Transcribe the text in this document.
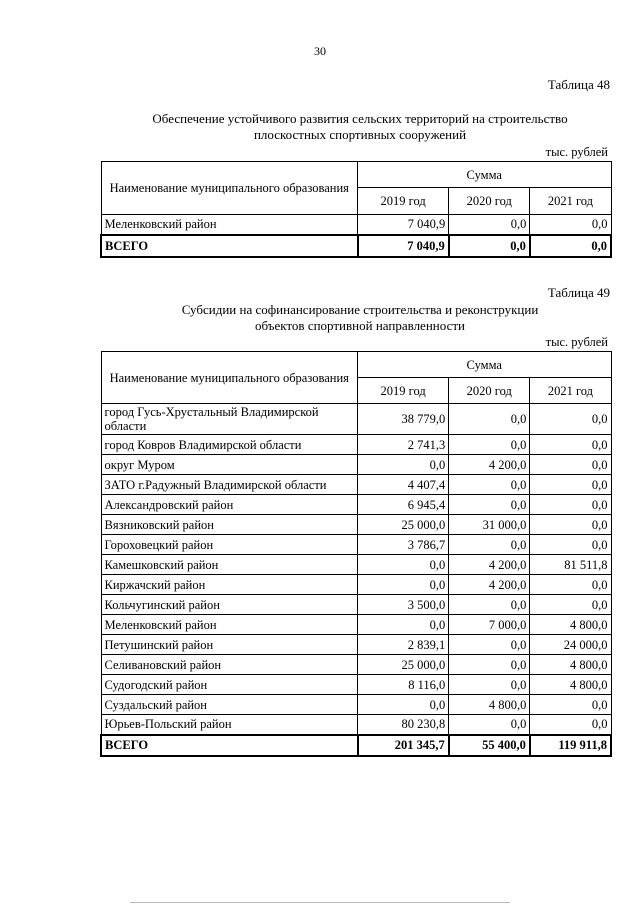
30
Таблица 48
Обеспечение устойчивого развития сельских территорий на строительство
плоскостных спортивных сооружений
тыс. рублей
Наименование муниципального образования	Сумма		
	2019 год	2020 год	2021 год
Меленковский район	7 040,9	0,0	0,0
ВСЕГО	7 040,9	0,0	0,0
Таблица 49
Субсидии на софинансирование строительства и реконструкции
объектов спортивной направленности
тыс. рублей
Наименование муниципального образования	Сумма		
	2019 год	2020 год	2021 год
город Гусь-Хрустальный Владимирской области	38 779,0	0,0	0,0
город Ковров Владимирской области	2 741,3	0,0	0,0
округ Муром	0,0	4 200,0	0,0
ЗАТО г.Радужный Владимирской области	4 407,4	0,0	0,0
Александровский район	6 945,4	0,0	0,0
Вязниковский район	25 000,0	31 000,0	0,0
Гороховецкий район	3 786,7	0,0	0,0
Камешковский район	0,0	4 200,0	81 511,8
Киржачский район	0,0	4 200,0	0,0
Кольчугинский район	3 500,0	0,0	0,0
Меленковский район	0,0	7 000,0	4 800,0
Петушинский район	2 839,1	0,0	24 000,0
Селивановский район	25 000,0	0,0	4 800,0
Судогодский район	8 116,0	0,0	4 800,0
Суздальский район	0,0	4 800,0	0,0
Юрьев-Польский район	80 230,8	0,0	0,0
ВСЕГО	201 345,7	55 400,0	119 911,8
